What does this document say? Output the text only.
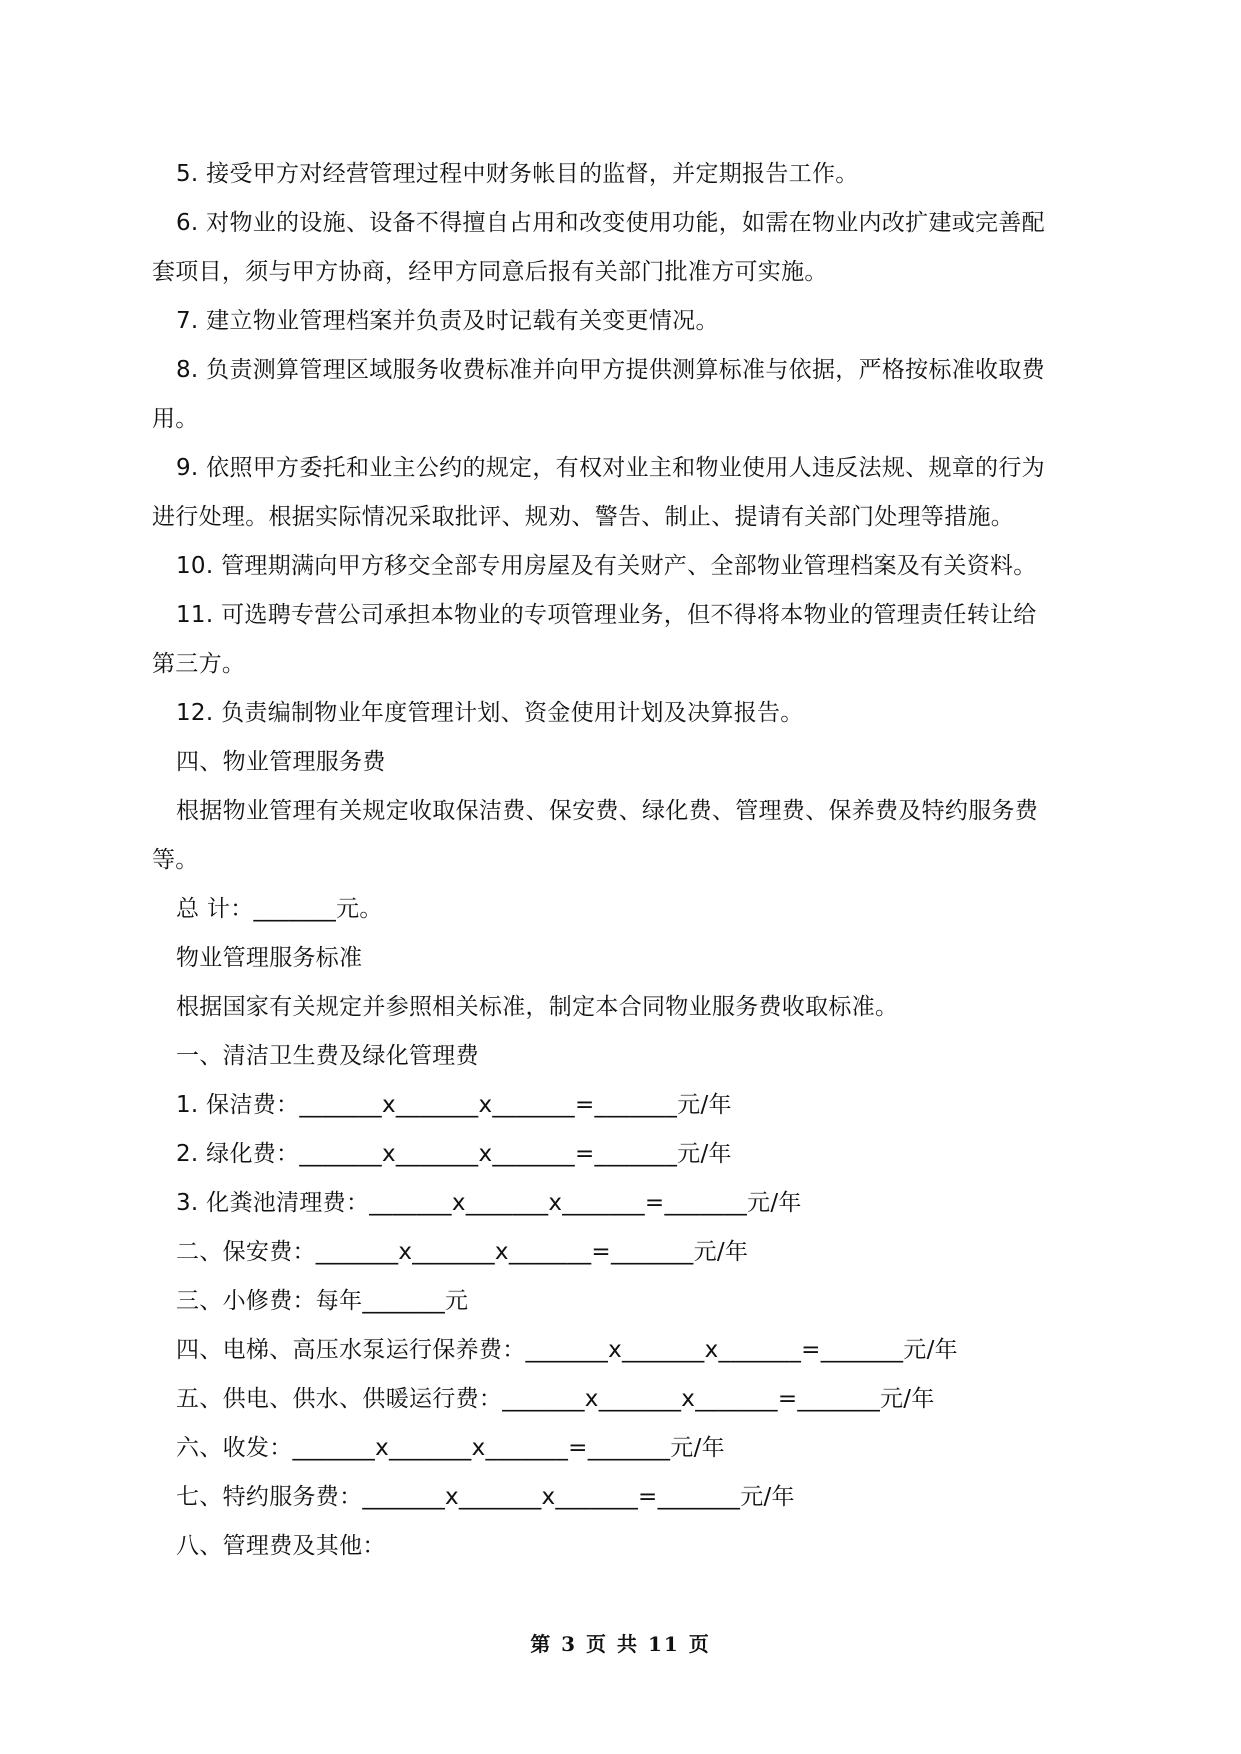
5. 接受甲方对经营管理过程中财务帐目的监督，并定期报告工作。
6. 对物业的设施、设备不得擅自占用和改变使用功能，如需在物业内改扩建或完善配
套项目，须与甲方协商，经甲方同意后报有关部门批准方可实施。
7. 建立物业管理档案并负责及时记载有关变更情况。
8. 负责测算管理区域服务收费标准并向甲方提供测算标准与依据，严格按标准收取费
用。
9. 依照甲方委托和业主公约的规定，有权对业主和物业使用人违反法规、规章的行为
进行处理。根据实际情况采取批评、规劝、警告、制止、提请有关部门处理等措施。
10. 管理期满向甲方移交全部专用房屋及有关财产、全部物业管理档案及有关资料。
11. 可选聘专营公司承担本物业的专项管理业务，但不得将本物业的管理责任转让给
第三方。
12. 负责编制物业年度管理计划、资金使用计划及决算报告。
四、物业管理服务费
根据物业管理有关规定收取保洁费、保安费、绿化费、管理费、保养费及特约服务费
等。
总 计：_______元。
物业管理服务标准
根据国家有关规定并参照相关标准，制定本合同物业服务费收取标准。
一、清洁卫生费及绿化管理费
1. 保洁费：_______x_______x_______=_______元/年
2. 绿化费：_______x_______x_______=_______元/年
3. 化粪池清理费：_______x_______x_______=_______元/年
二、保安费：_______x_______x_______=_______元/年
三、小修费：每年_______元
四、电梯、高压水泵运行保养费：_______x_______x_______=_______元/年
五、供电、供水、供暖运行费：_______x_______x_______=_______元/年
六、收发：_______x_______x_______=_______元/年
七、特约服务费：_______x_______x_______=_______元/年
八、管理费及其他：
第 3 页 共 11 页
